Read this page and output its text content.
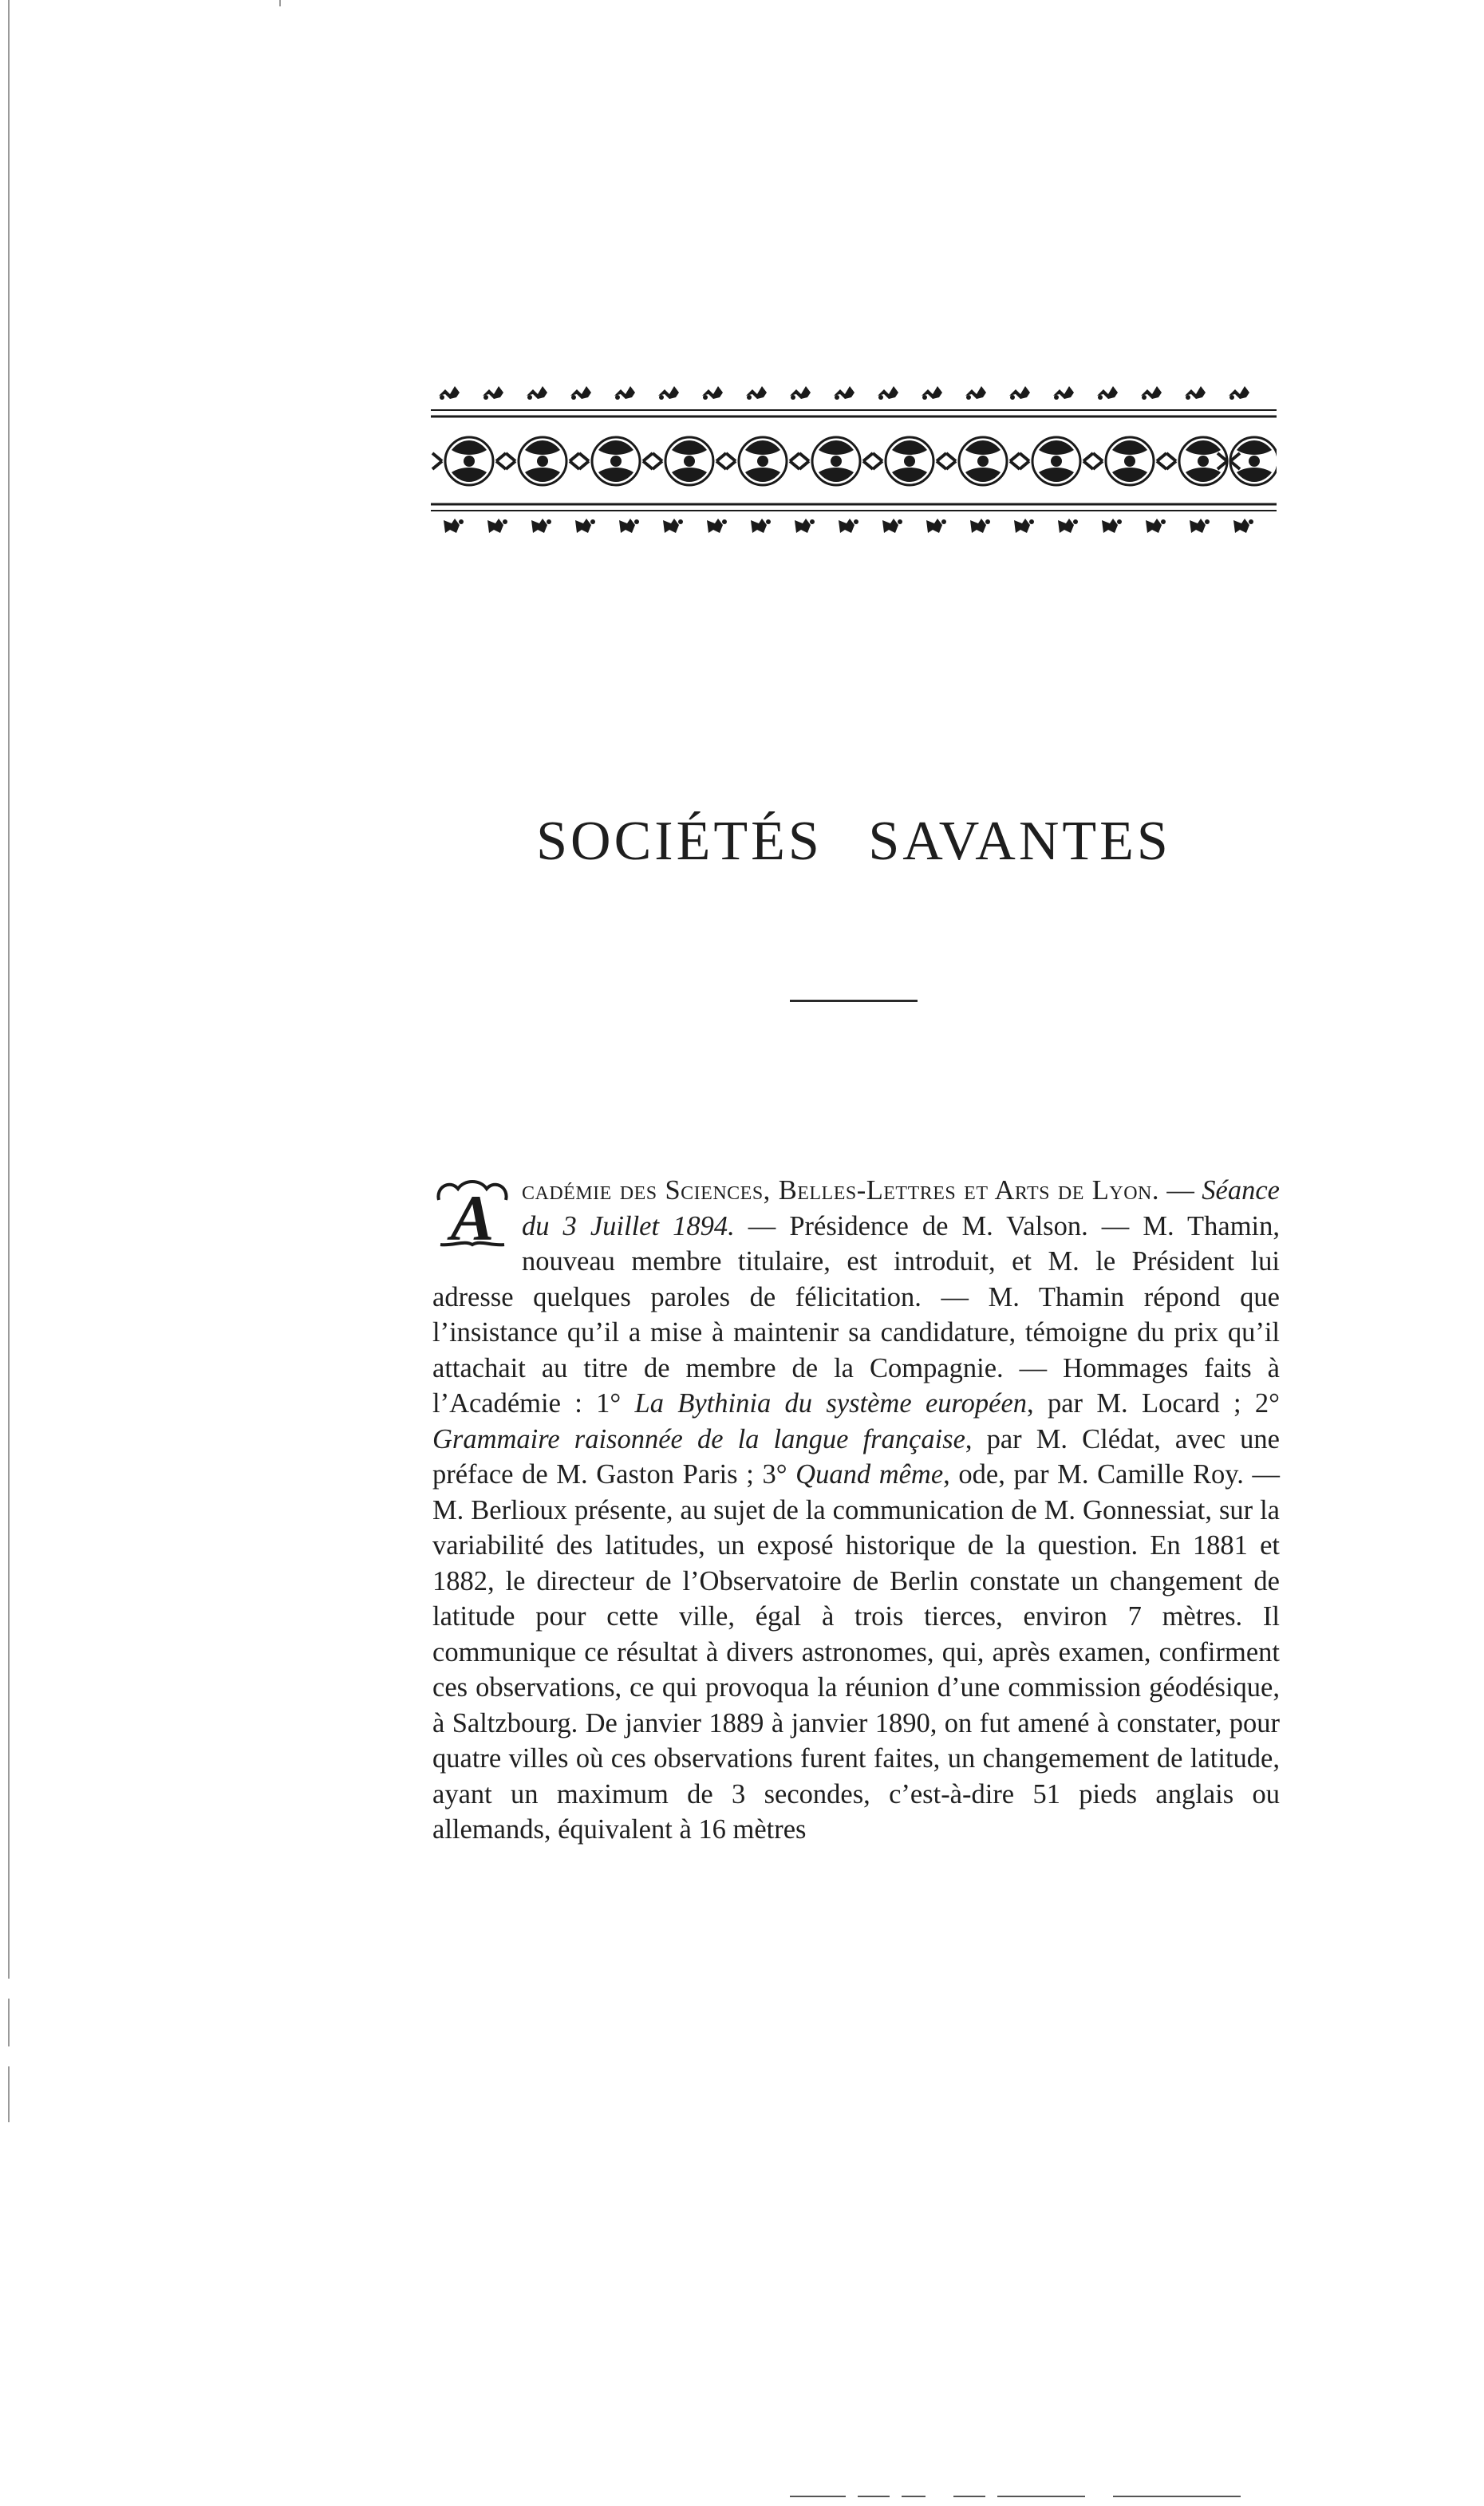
SOCIÉTÉS SAVANTES
A cadémie des Sciences, Belles-Lettres et Arts de Lyon. — Séance du 3 Juillet 1894. — Présidence de M. Valson. — M. Thamin, nouveau membre titulaire, est introduit, et M. le Président lui adresse quelques paroles de félicitation. — M. Thamin répond que l’insistance qu’il a mise à maintenir sa candidature, témoigne du prix qu’il attachait au titre de membre de la Compagnie. — Hommages faits à l’Académie : 1° La Bythinia du système européen, par M. Locard ; 2° Grammaire raisonnée de la langue française, par M. Clédat, avec une préface de M. Gaston Paris ; 3° Quand même, ode, par M. Camille Roy. — M. Berlioux présente, au sujet de la communication de M. Gonnessiat, sur la variabilité des latitudes, un exposé historique de la question. En 1881 et 1882, le directeur de l’Observatoire de Berlin constate un changement de latitude pour cette ville, égal à trois tierces, environ 7 mètres. Il communique ce résultat à divers astronomes, qui, après examen, confirment ces observations, ce qui provoqua la réunion d’une commission géodésique, à Saltzbourg. De janvier 1889 à janvier 1890, on fut amené à constater, pour quatre villes où ces observations furent faites, un changemement de latitude, ayant un maximum de 3 secondes, c’est-à-dire 51 pieds anglais ou allemands, équivalent à 16 mètres
